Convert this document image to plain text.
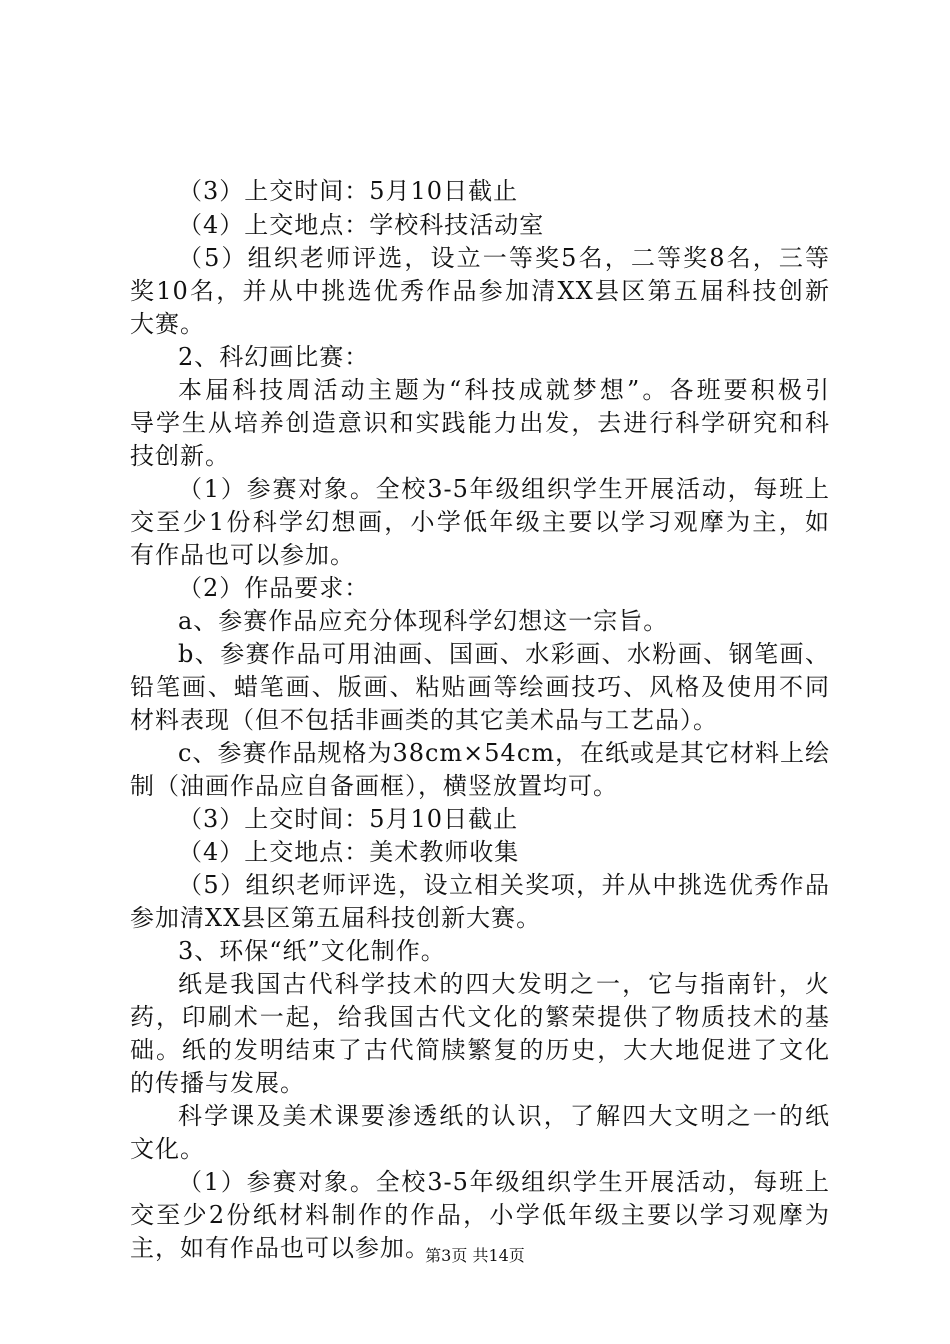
（3）上交时间：5月10日截止
（4）上交地点：学校科技活动室
（5）组织老师评选，设立一等奖5名，二等奖8名，三等
奖10名，并从中挑选优秀作品参加清XX县区第五届科技创新
大赛。
2、科幻画比赛：
本届科技周活动主题为“科技成就梦想”。各班要积极引
导学生从培养创造意识和实践能力出发，去进行科学研究和科
技创新。
（1）参赛对象。全校3-5年级组织学生开展活动，每班上
交至少1份科学幻想画，小学低年级主要以学习观摩为主，如
有作品也可以参加。
（2）作品要求：
a、参赛作品应充分体现科学幻想这一宗旨。
b、参赛作品可用油画、国画、水彩画、水粉画、钢笔画、
铅笔画、蜡笔画、版画、粘贴画等绘画技巧、风格及使用不同
材料表现（但不包括非画类的其它美术品与工艺品）。
c、参赛作品规格为38cm×54cm，在纸或是其它材料上绘
制（油画作品应自备画框），横竖放置均可。
（3）上交时间：5月10日截止
（4）上交地点：美术教师收集
（5）组织老师评选，设立相关奖项，并从中挑选优秀作品
参加清XX县区第五届科技创新大赛。
3、环保“纸”文化制作。
纸是我国古代科学技术的四大发明之一，它与指南针，火
药，印刷术一起，给我国古代文化的繁荣提供了物质技术的基
础。纸的发明结束了古代简牍繁复的历史，大大地促进了文化
的传播与发展。
科学课及美术课要渗透纸的认识，了解四大文明之一的纸
文化。
（1）参赛对象。全校3-5年级组织学生开展活动，每班上
交至少2份纸材料制作的作品，小学低年级主要以学习观摩为
主，如有作品也可以参加。
第3页 共14页
